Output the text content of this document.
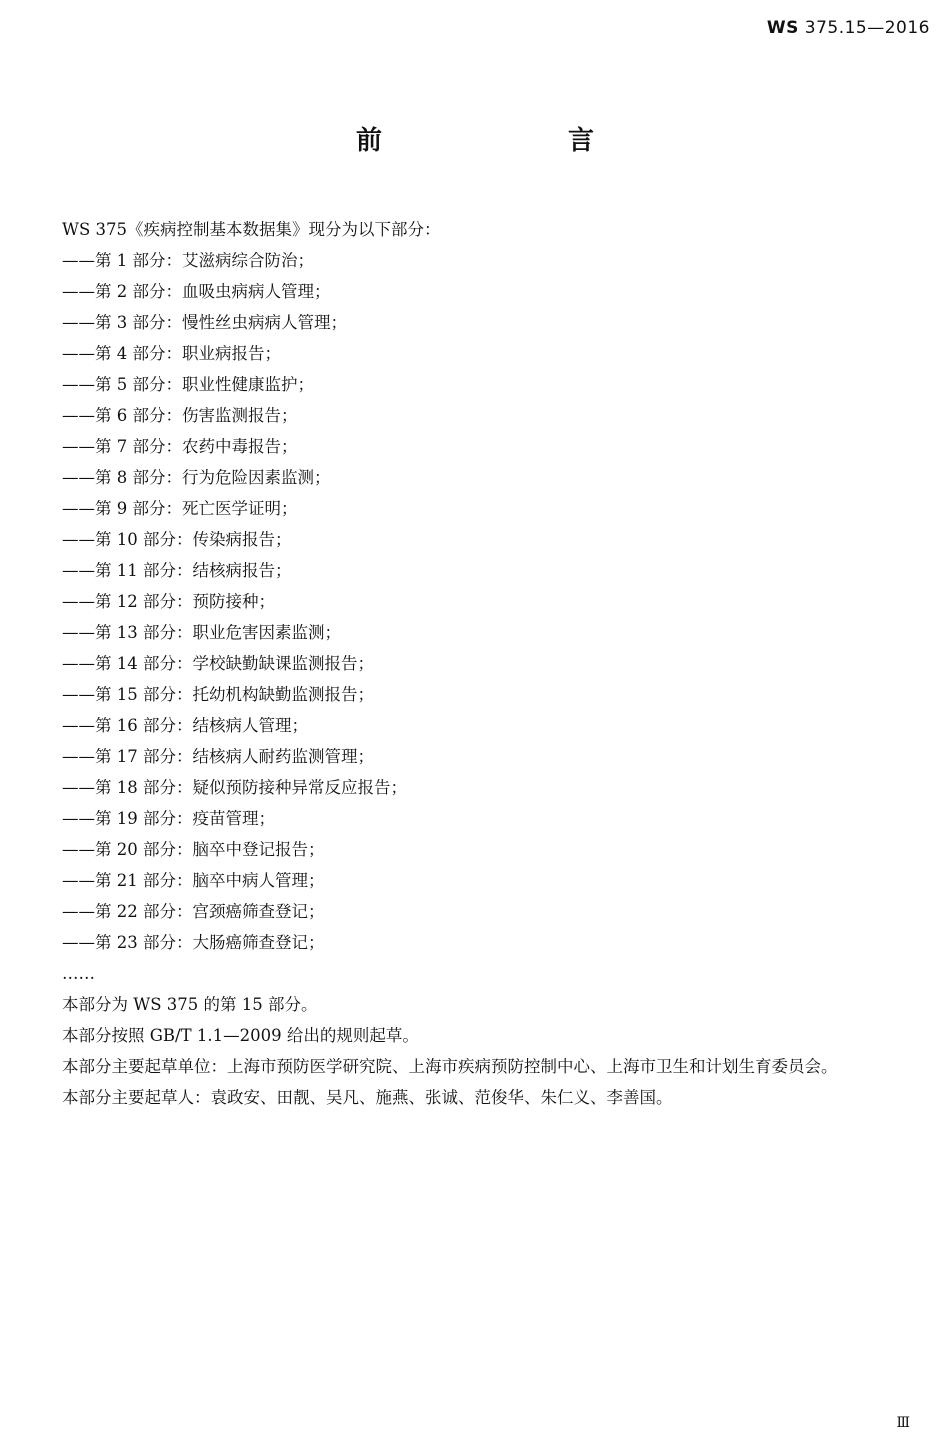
WS 375.15—2016
前　言

WS 375《疾病控制基本数据集》现分为以下部分：

——第 1 部分：艾滋病综合防治；

——第 2 部分：血吸虫病病人管理；

——第 3 部分：慢性丝虫病病人管理；

——第 4 部分：职业病报告；

——第 5 部分：职业性健康监护；

——第 6 部分：伤害监测报告；

——第 7 部分：农药中毒报告；

——第 8 部分：行为危险因素监测；

——第 9 部分：死亡医学证明；

——第 10 部分：传染病报告；

——第 11 部分：结核病报告；

——第 12 部分：预防接种；

——第 13 部分：职业危害因素监测；

——第 14 部分：学校缺勤缺课监测报告；

——第 15 部分：托幼机构缺勤监测报告；

——第 16 部分：结核病人管理；

——第 17 部分：结核病人耐药监测管理；

——第 18 部分：疑似预防接种异常反应报告；

——第 19 部分：疫苗管理；

——第 20 部分：脑卒中登记报告；

——第 21 部分：脑卒中病人管理；

——第 22 部分：宫颈癌筛查登记；

——第 23 部分：大肠癌筛查登记；

……

本部分为 WS 375 的第 15 部分。

本部分按照 GB/T 1.1—2009 给出的规则起草。

本部分主要起草单位：上海市预防医学研究院、上海市疾病预防控制中心、上海市卫生和计划生育委员会。

本部分主要起草人：袁政安、田靓、吴凡、施燕、张诚、范俊华、朱仁义、李善国。

Ⅲ
